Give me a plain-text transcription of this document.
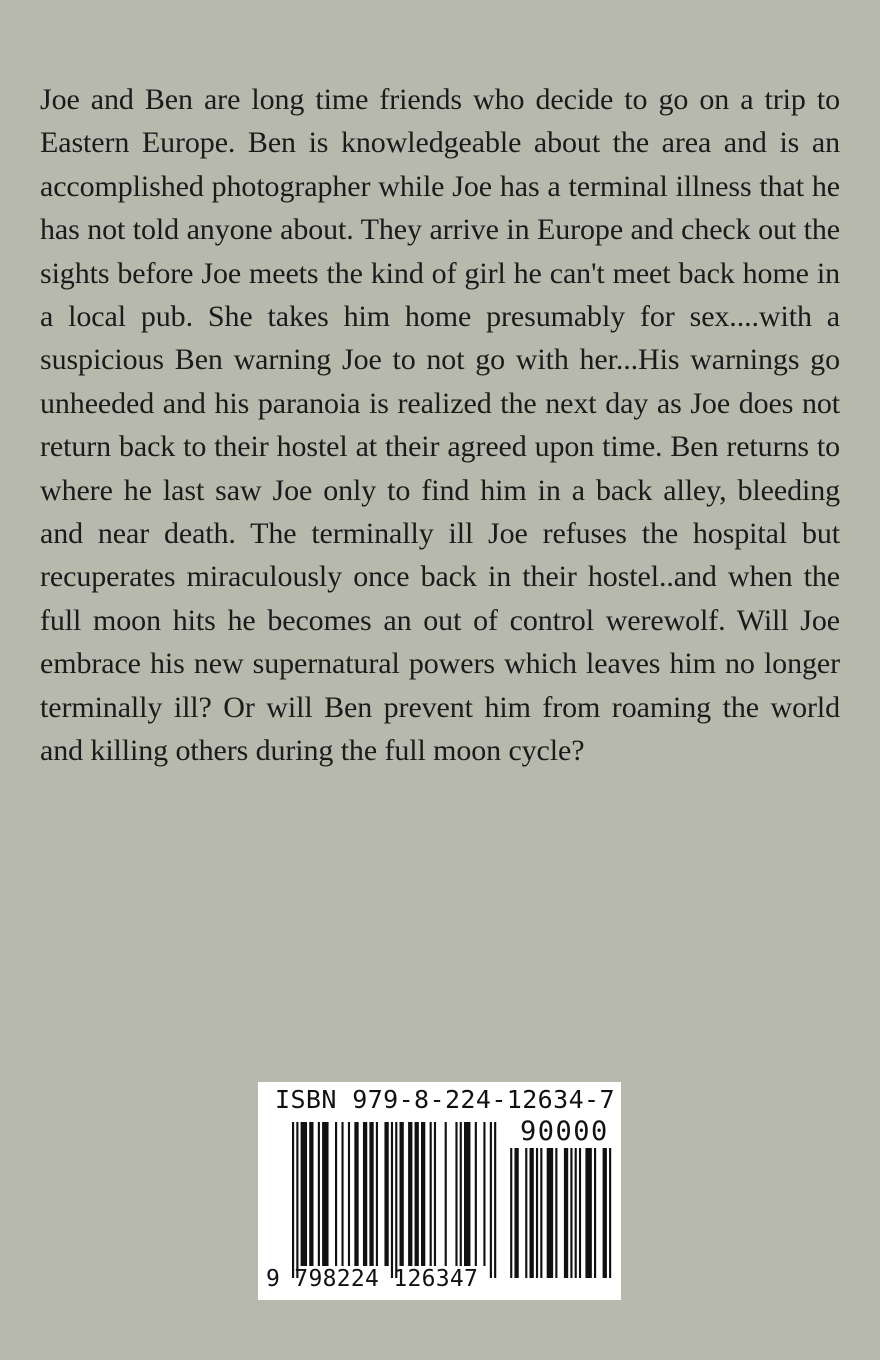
Joe and Ben are long time friends who decide to go on a trip to Eastern Europe. Ben is knowledgeable about the area and is an accomplished photographer while Joe has a terminal illness that he has not told anyone about. They arrive in Europe and check out the sights before Joe meets the kind of girl he can't meet back home in a local pub. She takes him home presumably for sex....with a suspicious Ben warning Joe to not go with her...His warnings go unheeded and his paranoia is realized the next day as Joe does not return back to their hostel at their agreed upon time. Ben returns to where he last saw Joe only to find him in a back alley, bleeding and near death. The terminally ill Joe refuses the hospital but recuperates miraculously once back in their hostel..and when the full moon hits he becomes an out of control werewolf. Will Joe embrace his new supernatural powers which leaves him no longer terminally ill? Or will Ben prevent him from roaming the world and killing others during the full moon cycle?

ISBN 979-8-224-12634-7
90000
9 798224 126347
